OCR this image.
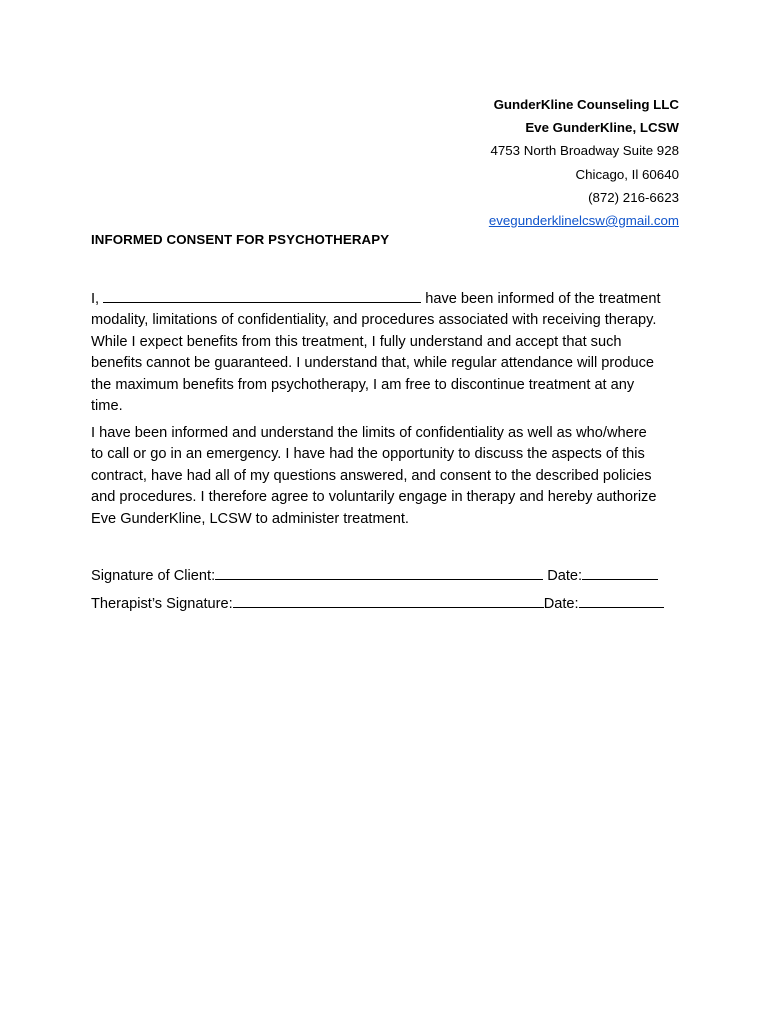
GunderKline Counseling LLC
Eve GunderKline, LCSW
4753 North Broadway Suite 928
Chicago, Il 60640
(872) 216-6623
evegunderklinelcsw@gmail.com
INFORMED CONSENT FOR PSYCHOTHERAPY
I,	have been informed of the treatment
modality, limitations of confidentiality, and procedures associated with receiving therapy.
While I expect benefits from this treatment, I fully understand and accept that such
benefits cannot be guaranteed. I understand that, while regular attendance will produce
the maximum benefits from psychotherapy, I am free to discontinue treatment at any
time.
I have been informed and understand the limits of confidentiality as well as who/where
to call or go in an emergency. I have had the opportunity to discuss the aspects of this
contract, have had all of my questions answered, and consent to the described policies
and procedures. I therefore agree to voluntarily engage in therapy and hereby authorize
Eve GunderKline, LCSW to administer treatment.
Signature of Client:	Date:
Therapist’s Signature:	Date:
